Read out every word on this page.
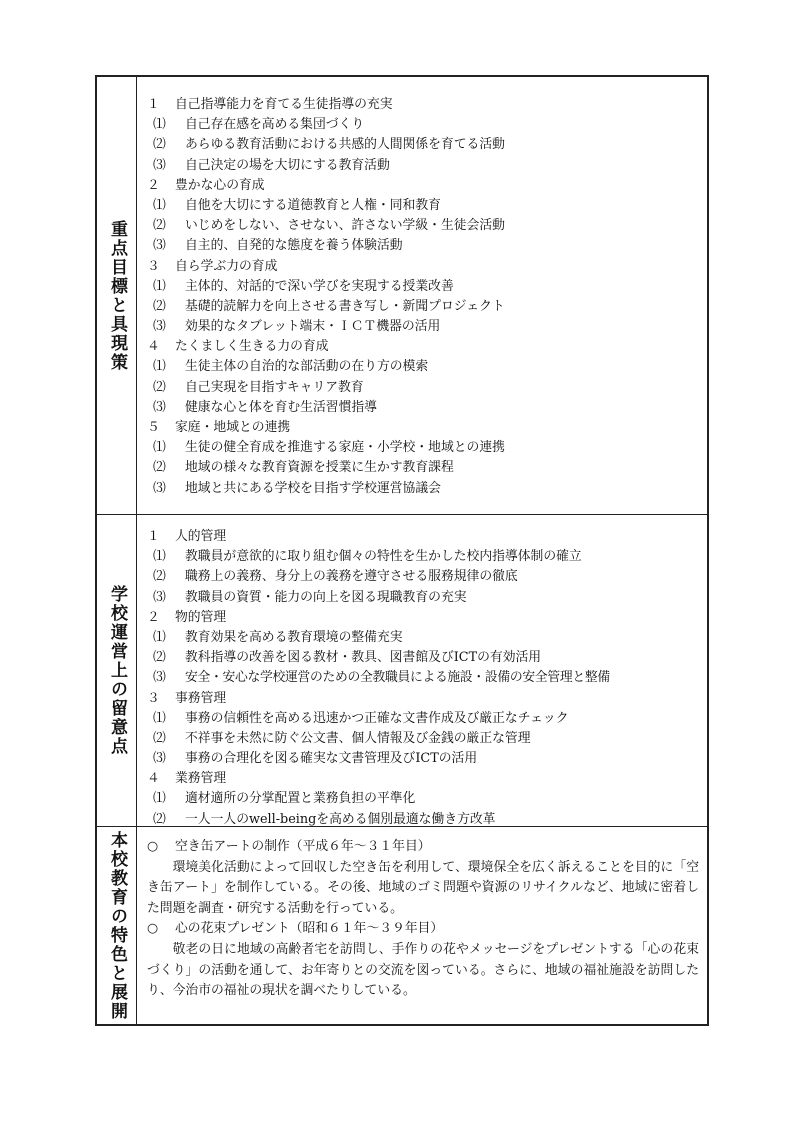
重点目標と具現策
１ 自己指導能力を育てる生徒指導の充実
⑴ 自己存在感を高める集団づくり
⑵ あらゆる教育活動における共感的人間関係を育てる活動
⑶ 自己決定の場を大切にする教育活動
２ 豊かな心の育成
⑴ 自他を大切にする道徳教育と人権・同和教育
⑵ いじめをしない、させない、許さない学級・生徒会活動
⑶ 自主的、自発的な態度を養う体験活動
３ 自ら学ぶ力の育成
⑴ 主体的、対話的で深い学びを実現する授業改善
⑵ 基礎的読解力を向上させる書き写し・新聞プロジェクト
⑶ 効果的なタブレット端末・ＩＣＴ機器の活用
４ たくましく生きる力の育成
⑴ 生徒主体の自治的な部活動の在り方の模索
⑵ 自己実現を目指すキャリア教育
⑶ 健康な心と体を育む生活習慣指導
５ 家庭・地域との連携
⑴ 生徒の健全育成を推進する家庭・小学校・地域との連携
⑵ 地域の様々な教育資源を授業に生かす教育課程
⑶ 地域と共にある学校を目指す学校運営協議会
学校運営上の留意点
１ 人的管理
⑴ 教職員が意欲的に取り組む個々の特性を生かした校内指導体制の確立
⑵ 職務上の義務、身分上の義務を遵守させる服務規律の徹底
⑶ 教職員の資質・能力の向上を図る現職教育の充実
２ 物的管理
⑴ 教育効果を高める教育環境の整備充実
⑵ 教科指導の改善を図る教材・教具、図書館及びICTの有効活用
⑶ 安全・安心な学校運営のための全教職員による施設・設備の安全管理と整備
３ 事務管理
⑴ 事務の信頼性を高める迅速かつ正確な文書作成及び厳正なチェック
⑵ 不祥事を未然に防ぐ公文書、個人情報及び金銭の厳正な管理
⑶ 事務の合理化を図る確実な文書管理及びICTの活用
４ 業務管理
⑴ 適材適所の分掌配置と業務負担の平準化
⑵ 一人一人のwell-beingを高める個別最適な働き方改革
本校教育の特色と展開 ○ 空き缶アートの制作（平成６年～３１年目）
環境美化活動によって回収した空き缶を利用して、環境保全を広く訴えることを目的に「空き缶アート」を制作している。その後、地域のゴミ問題や資源のリサイクルなど、地域に密着した問題を調査・研究する活動を行っている。
○ 心の花束プレゼント（昭和６１年～３９年目）
敬老の日に地域の高齢者宅を訪問し、手作りの花やメッセージをプレゼントする「心の花束づくり」の活動を通して、お年寄りとの交流を図っている。さらに、地域の福祉施設を訪問したり、今治市の福祉の現状を調べたりしている。
